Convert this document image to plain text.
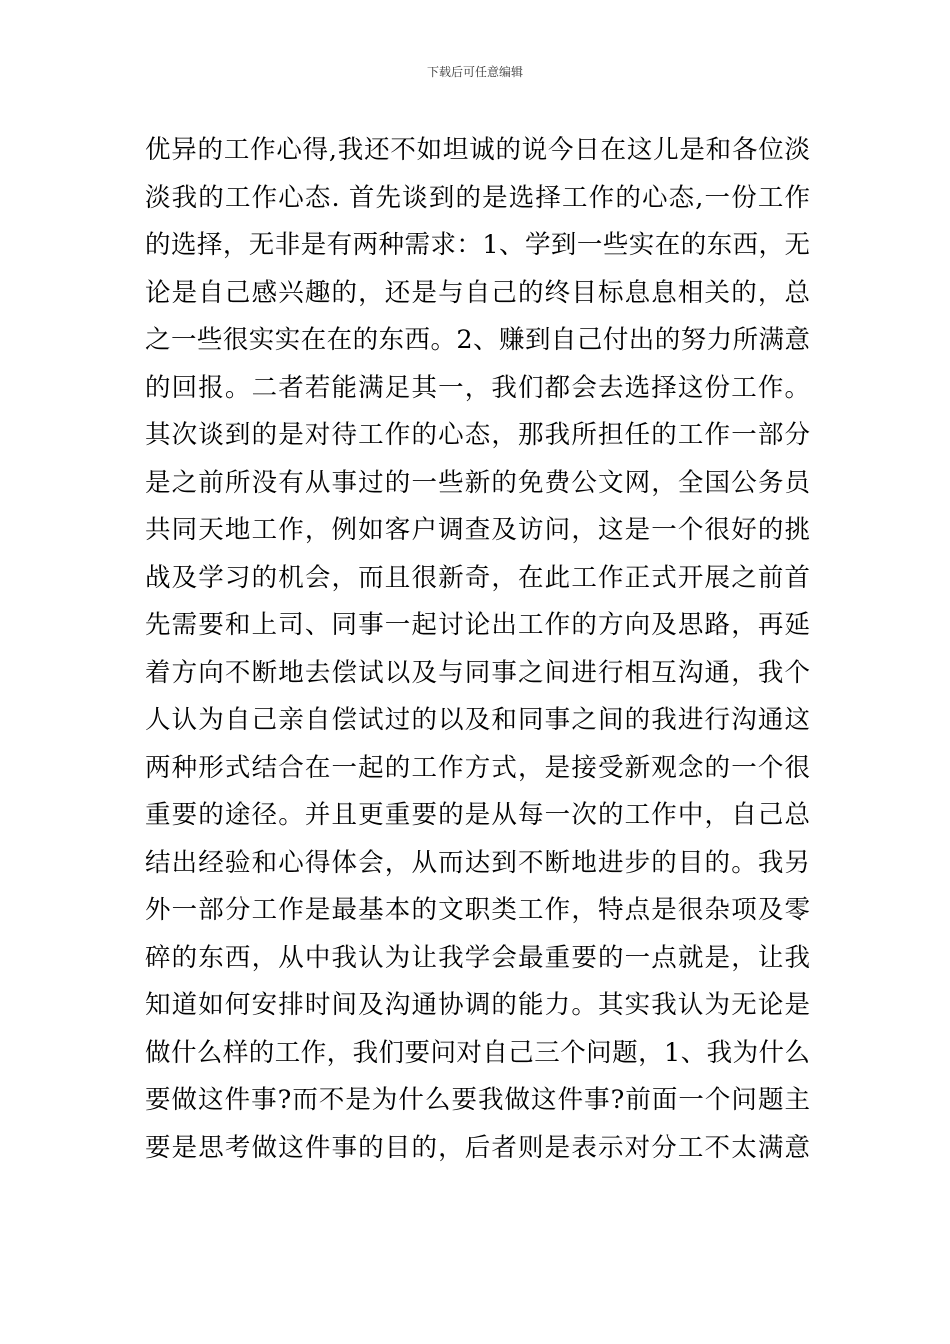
下载后可任意编辑
优异的工作心得,我还不如坦诚的说今日在这儿是和各位淡
淡我的工作心态. 首先谈到的是选择工作的心态,一份工作
的选择，无非是有两种需求：1、学到一些实在的东西，无
论是自己感兴趣的，还是与自己的终目标息息相关的，总
之一些很实实在在的东西。2、赚到自己付出的努力所满意
的回报。二者若能满足其一，我们都会去选择这份工作。
其次谈到的是对待工作的心态，那我所担任的工作一部分
是之前所没有从事过的一些新的免费公文网，全国公务员
共同天地工作，例如客户调查及访问，这是一个很好的挑
战及学习的机会，而且很新奇，在此工作正式开展之前首
先需要和上司、同事一起讨论出工作的方向及思路，再延
着方向不断地去偿试以及与同事之间进行相互沟通，我个
人认为自己亲自偿试过的以及和同事之间的我进行沟通这
两种形式结合在一起的工作方式，是接受新观念的一个很
重要的途径。并且更重要的是从每一次的工作中，自己总
结出经验和心得体会，从而达到不断地进步的目的。我另
外一部分工作是最基本的文职类工作，特点是很杂项及零
碎的东西，从中我认为让我学会最重要的一点就是，让我
知道如何安排时间及沟通协调的能力。其实我认为无论是
做什么样的工作，我们要问对自己三个问题，1、我为什么
要做这件事?而不是为什么要我做这件事?前面一个问题主
要是思考做这件事的目的，后者则是表示对分工不太满意
